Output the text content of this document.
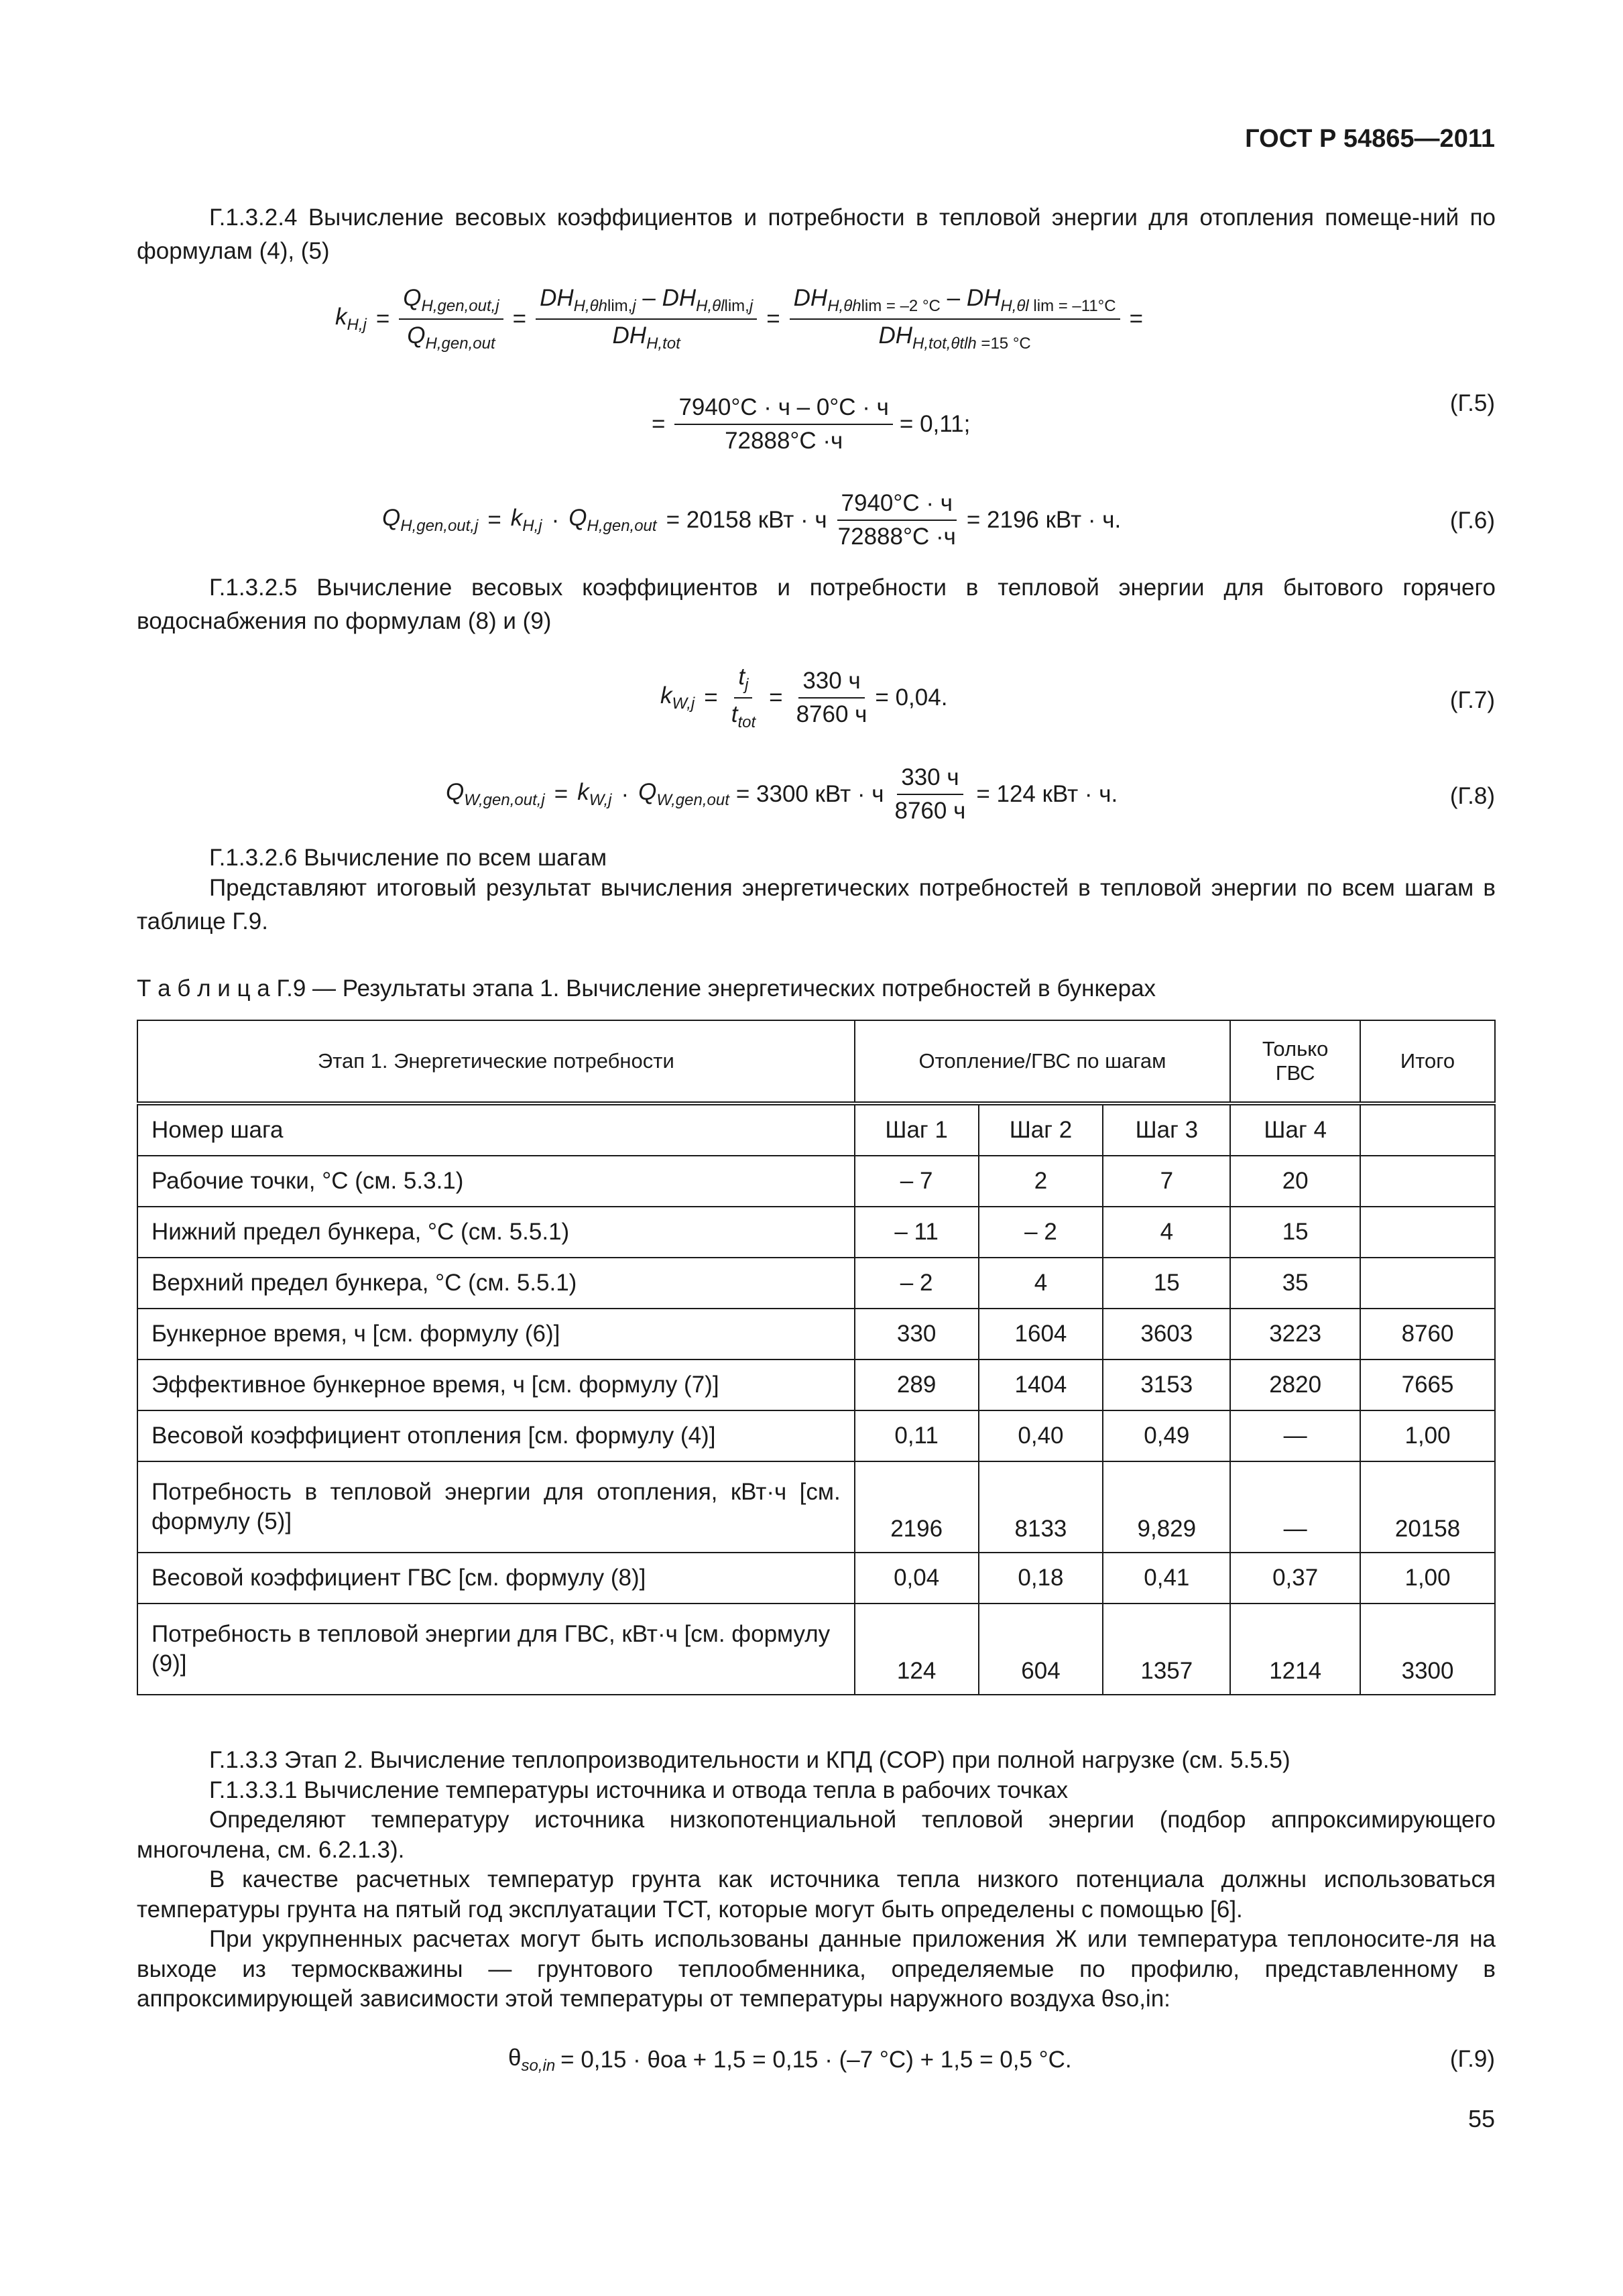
ГОСТ Р 54865—2011
Г.1.3.2.4 Вычисление весовых коэффициентов и потребности в тепловой энергии для отопления помеще-ний по формулам (4), (5)
$k_{H,j} = \frac{Q_{H,gen,out,j}}{Q_{H,gen,out}} = \frac{DH_{H,\theta hlim,j} - DH_{H,\theta llim,j}}{DH_{H,tot}} = \frac{DH_{H,\theta hlim = -2 ^\circ C} - DH_{H,\theta l lim = -11^\circ C}}{DH_{H,tot,\theta tlh =15 ^\circ C}}$ =
= $\frac{7940^\circ C \cdot ч - 0^\circ C \cdot ч}{72888^\circ C \cdot ч} = 0,11$;
(Г.5)
$Q_{H,gen,out,j} = k_{H,j} \cdot Q_{H,gen,out} = 20158$ кВт · ч $\frac{7940^\circ C \cdot ч}{72888^\circ C \cdot ч} = 2196$ кВт · ч.	(Г.6)
Г.1.3.2.5 Вычисление весовых коэффициентов и потребности в тепловой энергии для бытового горячего водоснабжения по формулам (8) и (9)
$k_{W,j} = \frac{t_j}{t_{tot}} = \frac{330 ч}{8760 ч} = 0,04$.	(Г.7)
$Q_{W,gen,out,j} = k_{W,j} \cdot Q_{W,gen,out} = 3300$ кВт · ч $\frac{330 ч}{8760 ч} = 124$ кВт · ч.	(Г.8)
Г.1.3.2.6 Вычисление по всем шагам
Представляют итоговый результат вычисления энергетических потребностей в тепловой энергии по всем шагам в таблице Г.9.
Т а б л и ц а Г.9 — Результаты этапа 1. Вычисление энергетических потребностей в бункерах
Этап 1. Энергетические потребности	Отопление/ГВС по шагам			Только
ГВС	Итого
Номер шага	Шаг 1	Шаг 2	Шаг 3	Шаг 4	
Рабочие точки, °С (см. 5.3.1)	– 7	2	7	20	
Нижний предел бункера, °С (см. 5.5.1)	– 11	– 2	4	15	
Верхний предел бункера, °С (см. 5.5.1)	– 2	4	15	35	
Бункерное время, ч [см. формулу (6)]	330	1604	3603	3223	8760
Эффективное бункерное время, ч [см. формулу (7)]	289	1404	3153	2820	7665
Весовой коэффициент отопления [см. формулу (4)]	0,11	0,40	0,49	—	1,00
Потребность в тепловой энергии для отопления, кВт·ч [см. формулу (5)]	2196	8133	9,829	—	20158
Весовой коэффициент ГВС [см. формулу (8)]	0,04	0,18	0,41	0,37	1,00
Потребность в тепловой энергии для ГВС, кВт·ч [см. формулу (9)]	124	604	1357	1214	3300
Г.1.3.3 Этап 2. Вычисление теплопроизводительности и КПД (COP) при полной нагрузке (см. 5.5.5)
Г.1.3.3.1 Вычисление температуры источника и отвода тепла в рабочих точках
Определяют температуру источника низкопотенциальной тепловой энергии (подбор аппроксимирующего многочлена, см. 6.2.1.3).
В качестве расчетных температур грунта как источника тепла низкого потенциала должны использоваться температуры грунта на пятый год эксплуатации ТСТ, которые могут быть определены с помощью [6].
При укрупненных расчетах могут быть использованы данные приложения Ж или температура теплоносите-ля на выходе из термоскважины — грунтового теплообменника, определяемые по профилю, представленному в аппроксимирующей зависимости этой температуры от температуры наружного воздуха θso,in:
$\theta_{so,in} = 0,15 \cdot \theta oa + 1,5 = 0,15 \cdot (-7$ °С) + 1,5 = 0,5 °С.	(Г.9)
55
